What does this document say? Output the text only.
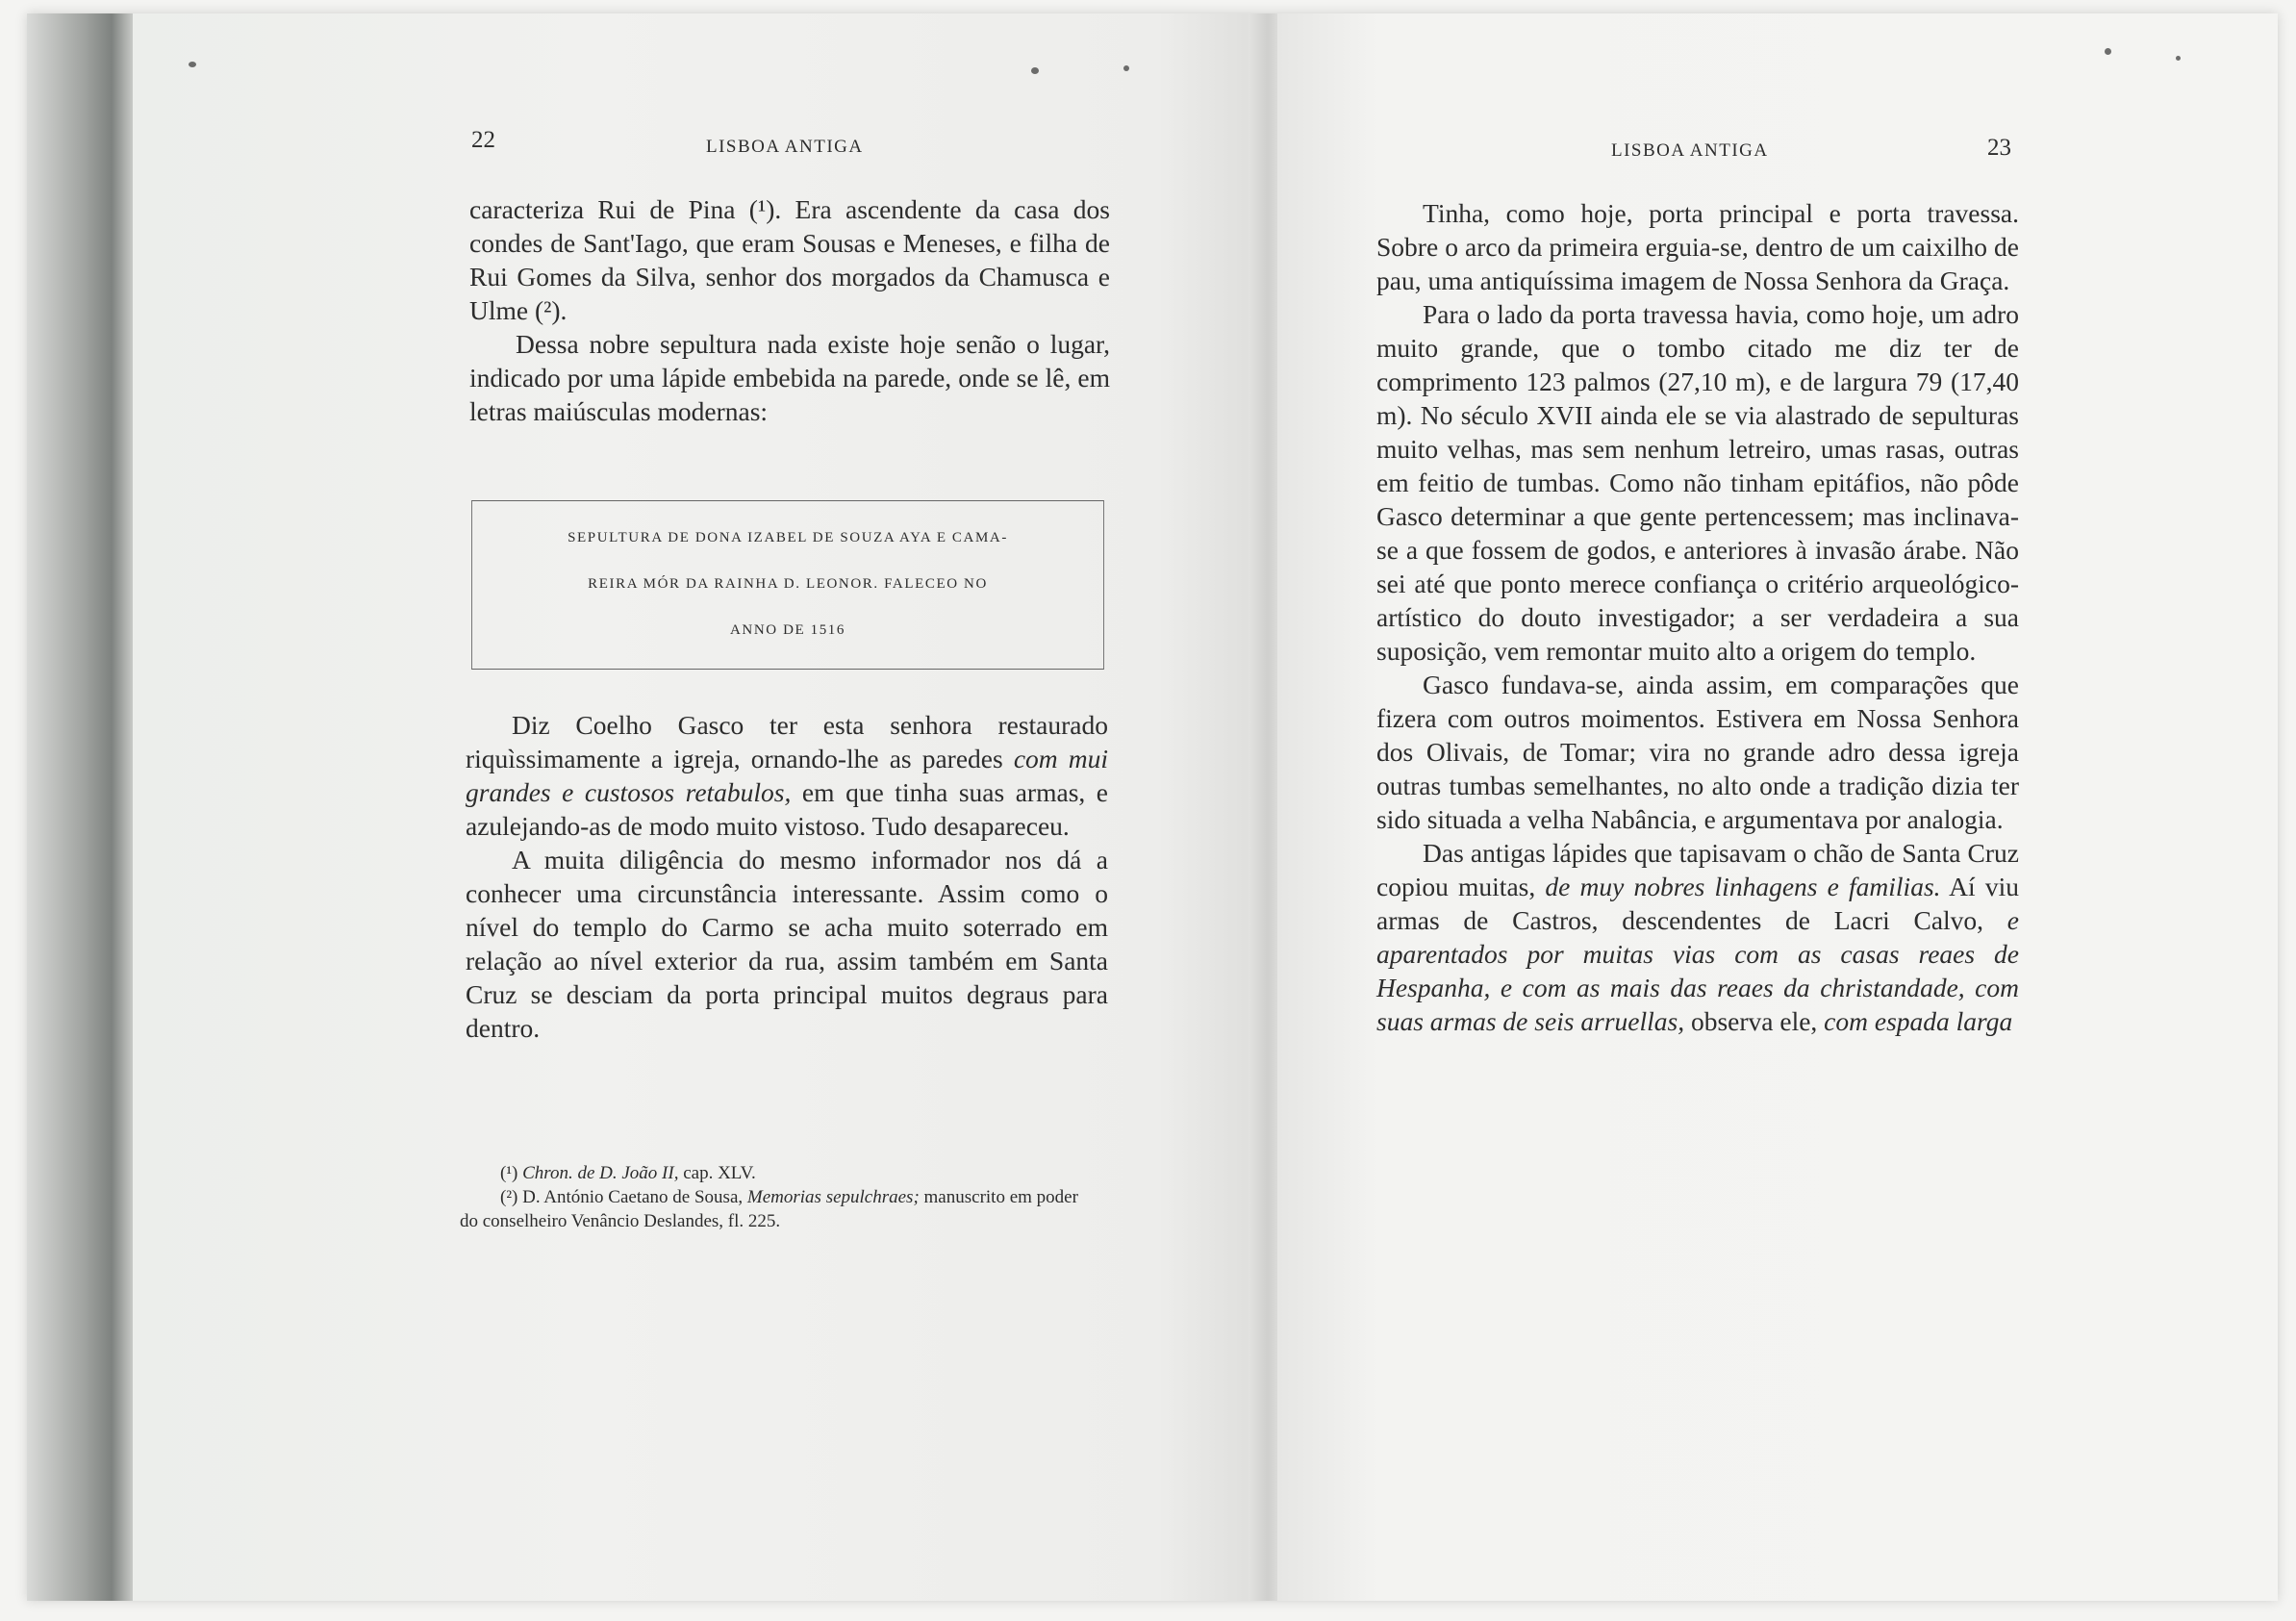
22	LISBOA ANTIGA

caracteriza Rui de Pina (¹). Era ascendente da casa dos condes de Sant'Iago, que eram Sousas e Meneses, e filha de Rui Gomes da Silva, senhor dos morgados da Chamusca e Ulme (²).

Dessa nobre sepultura nada existe hoje senão o lugar, indicado por uma lápide embebida na parede, onde se lê, em letras maiúsculas modernas:

SEPULTURA DE DONA IZABEL DE SOUZA AYA E CAMA-
REIRA MÓR DA RAINHA D. LEONOR. FALECEO NO
ANNO DE 1516

Diz Coelho Gasco ter esta senhora restaurado riquìssimamente a igreja, ornando-lhe as paredes com mui grandes e custosos retabulos, em que tinha suas armas, e azulejando-as de modo muito vistoso. Tudo desapareceu.

A muita diligência do mesmo informador nos dá a conhecer uma circunstância interessante. Assim como o nível do templo do Carmo se acha muito soterrado em relação ao nível exterior da rua, assim também em Santa Cruz se desciam da porta principal muitos degraus para dentro.

(¹) Chron. de D. João II, cap. XLV.

(²) D. António Caetano de Sousa, Memorias sepulchraes; manuscrito em poder do conselheiro Venâncio Deslandes, fl. 225.

LISBOA ANTIGA	23

Tinha, como hoje, porta principal e porta travessa. Sobre o arco da primeira erguia-se, dentro de um caixilho de pau, uma antiquíssima imagem de Nossa Senhora da Graça.

Para o lado da porta travessa havia, como hoje, um adro muito grande, que o tombo citado me diz ter de comprimento 123 palmos (27,10 m), e de largura 79 (17,40 m). No século XVII ainda ele se via alastrado de sepulturas muito velhas, mas sem nenhum letreiro, umas rasas, outras em feitio de tumbas. Como não tinham epitáfios, não pôde Gasco determinar a que gente pertencessem; mas inclinava-se a que fossem de godos, e anteriores à invasão árabe. Não sei até que ponto merece confiança o critério arqueológico-artístico do douto investigador; a ser verdadeira a sua suposição, vem remontar muito alto a origem do templo.

Gasco fundava-se, ainda assim, em comparações que fizera com outros moimentos. Estivera em Nossa Senhora dos Olivais, de Tomar; vira no grande adro dessa igreja outras tumbas semelhantes, no alto onde a tradição dizia ter sido situada a velha Nabância, e argumentava por analogia.

Das antigas lápides que tapisavam o chão de Santa Cruz copiou muitas, de muy nobres linhagens e familias. Aí viu armas de Castros, descendentes de Lacri Calvo, e aparentados por muitas vias com as casas reaes de Hespanha, e com as mais das reaes da christandade, com suas armas de seis arruellas, observa ele, com espada larga
